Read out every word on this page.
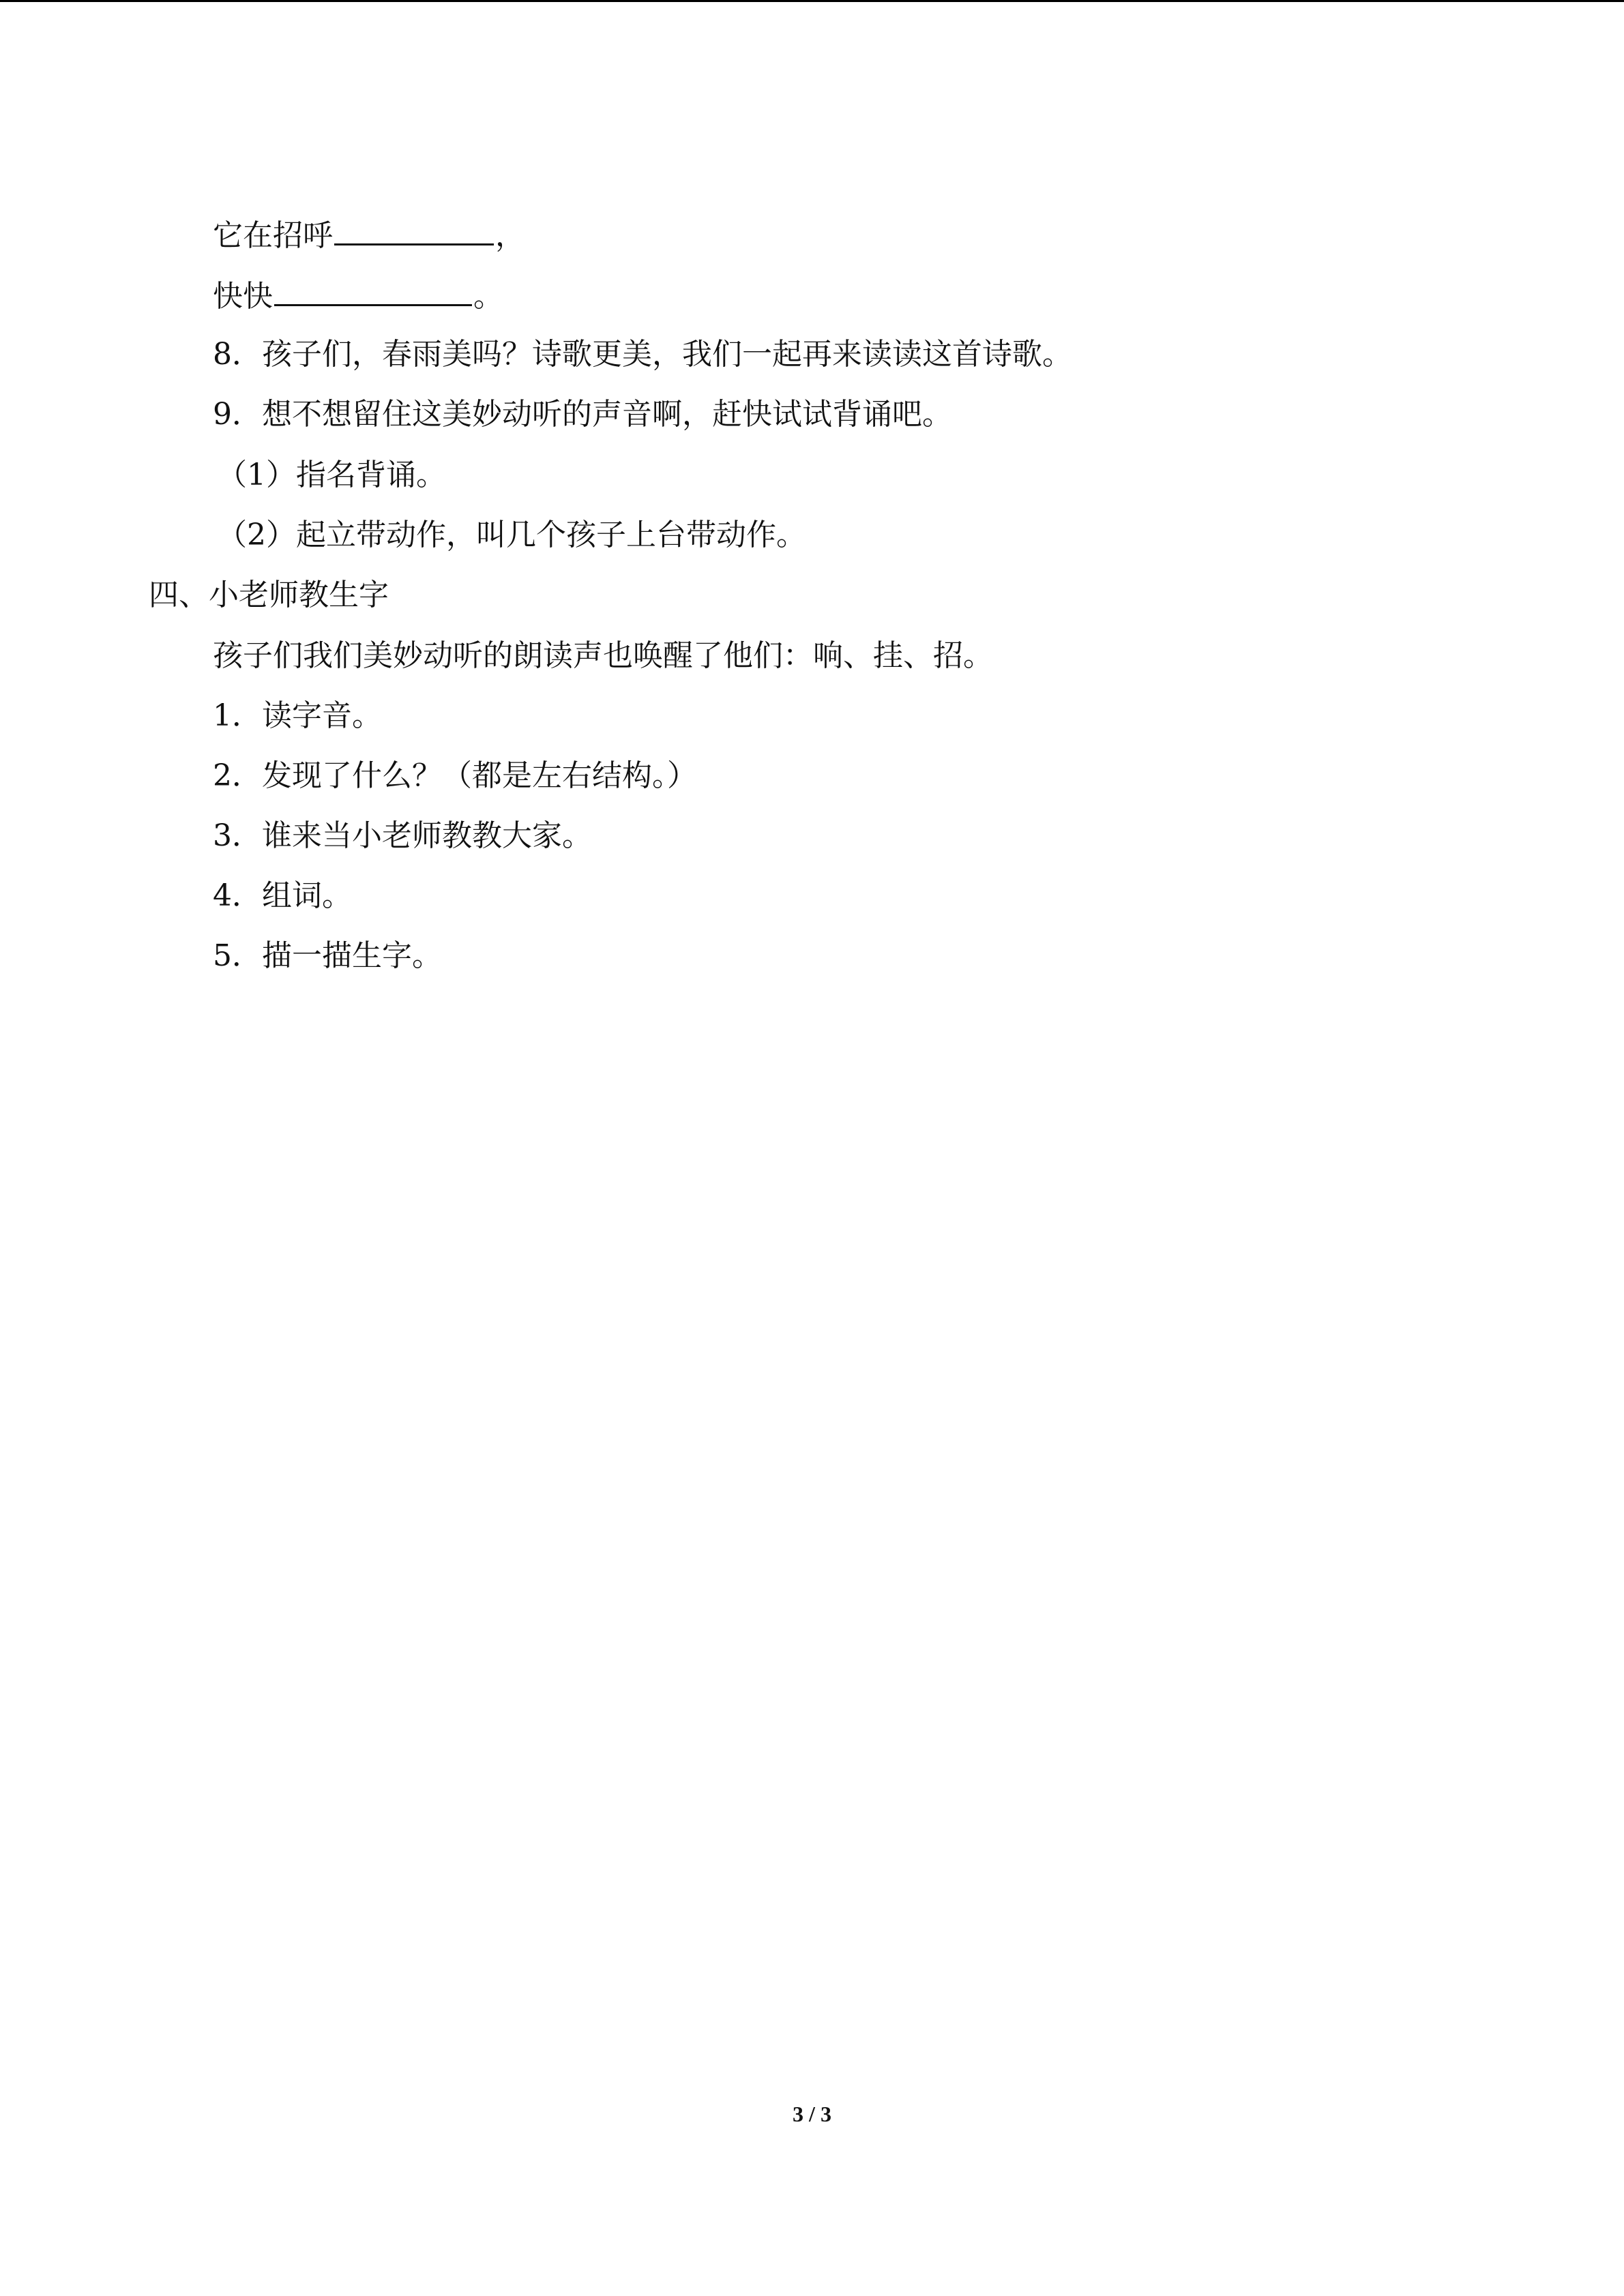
它在招呼	，
快快	。
8．孩子们，春雨美吗？诗歌更美，我们一起再来读读这首诗歌。
9．想不想留住这美妙动听的声音啊，赶快试试背诵吧。
（1）指名背诵。
（2）起立带动作，叫几个孩子上台带动作。
四、小老师教生字
孩子们我们美妙动听的朗读声也唤醒了他们：响、挂、招。
1．读字音。
2．发现了什么？（都是左右结构。）
3．谁来当小老师教教大家。
4．组词。
5．描一描生字。
3 / 3
